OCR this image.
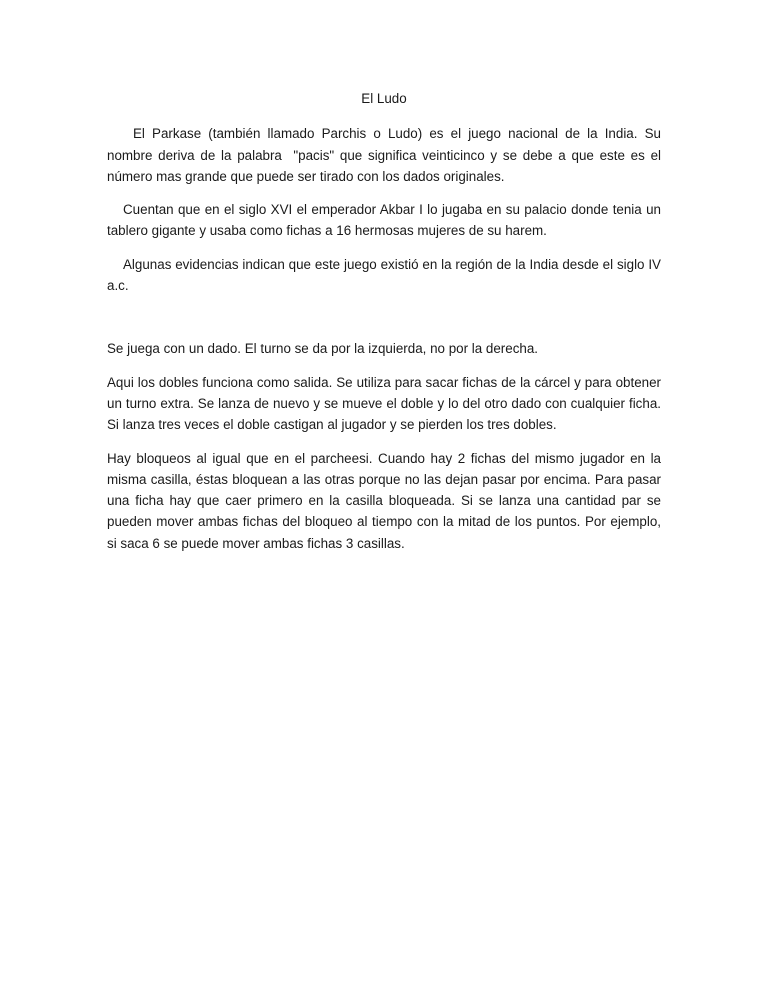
El Ludo

El Parkase (también llamado Parchis o Ludo) es el juego nacional de la India. Su nombre deriva de la palabra  "pacis" que significa veinticinco y se debe a que este es el número mas grande que puede ser tirado con los dados originales.

Cuentan que en el siglo XVI el emperador Akbar I lo jugaba en su palacio donde tenia un tablero gigante y usaba como fichas a 16 hermosas mujeres de su harem.

Algunas evidencias indican que este juego existió en la región de la India desde el siglo IV a.c.

Se juega con un dado. El turno se da por la izquierda, no por la derecha.

Aqui los dobles funciona como salida. Se utiliza para sacar fichas de la cárcel y para obtener un turno extra. Se lanza de nuevo y se mueve el doble y lo del otro dado con cualquier ficha. Si lanza tres veces el doble castigan al jugador y se pierden los tres dobles.

Hay bloqueos al igual que en el parcheesi. Cuando hay 2 fichas del mismo jugador en la misma casilla, éstas bloquean a las otras porque no las dejan pasar por encima. Para pasar una ficha hay que caer primero en la casilla bloqueada. Si se lanza una cantidad par se pueden mover ambas fichas del bloqueo al tiempo con la mitad de los puntos. Por ejemplo, si saca 6 se puede mover ambas fichas 3 casillas.
